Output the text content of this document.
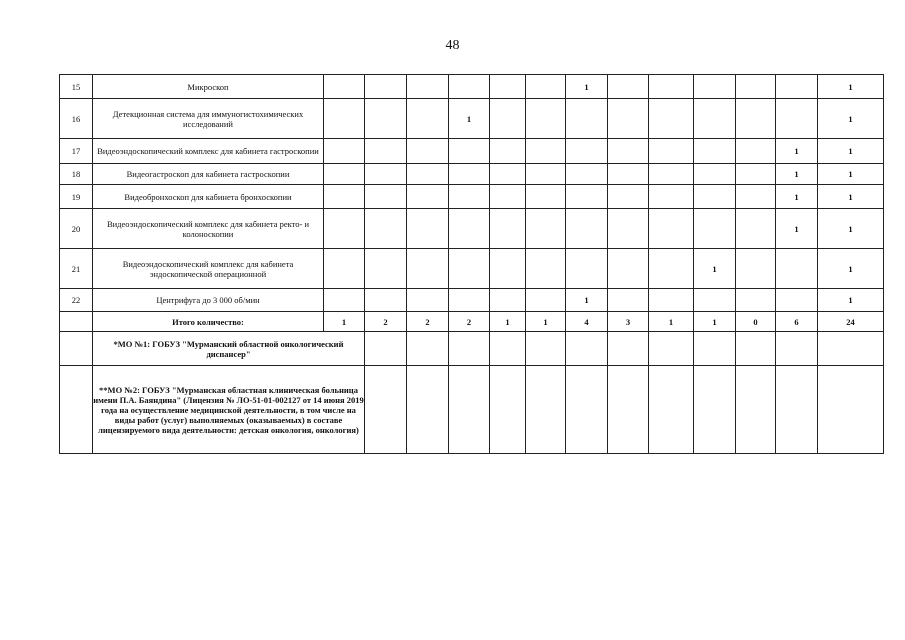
48
15	Микроскоп							1						1
16	Детекционная система для иммуногистохимических исследований				1									1
17	Видеоэндоскопический комплекс для кабинета гастроскопии												1	1
18	Видеогастроскоп для кабинета гастроскопии												1	1
19	Видеобронхоскоп для кабинета бронхоскопии												1	1
20	Видеоэндоскопический комплекс для кабинета ректо- и колоноскопии												1	1
21	Видеоэндоскопический комплекс для кабинета эндоскопической операционной										1			1
22	Центрифуга до 3 000 об/мин							1						1
	Итого количество:	1	2	2	2	1	1	4	3	1	1	0	6	24
	*МО №1: ГОБУЗ "Мурманский областной онкологический диспансер"													
	**МО №2: ГОБУЗ "Мурманская областная клиническая больница имени П.А. Баяндина" (Лицензия № ЛО-51-01-002127 от 14 июня 2019 года на осуществление медицинской деятельности, в том числе на виды работ (услуг) выполняемых (оказываемых) в составе лицензируемого вида деятельности: детская онкология, онкология)													
